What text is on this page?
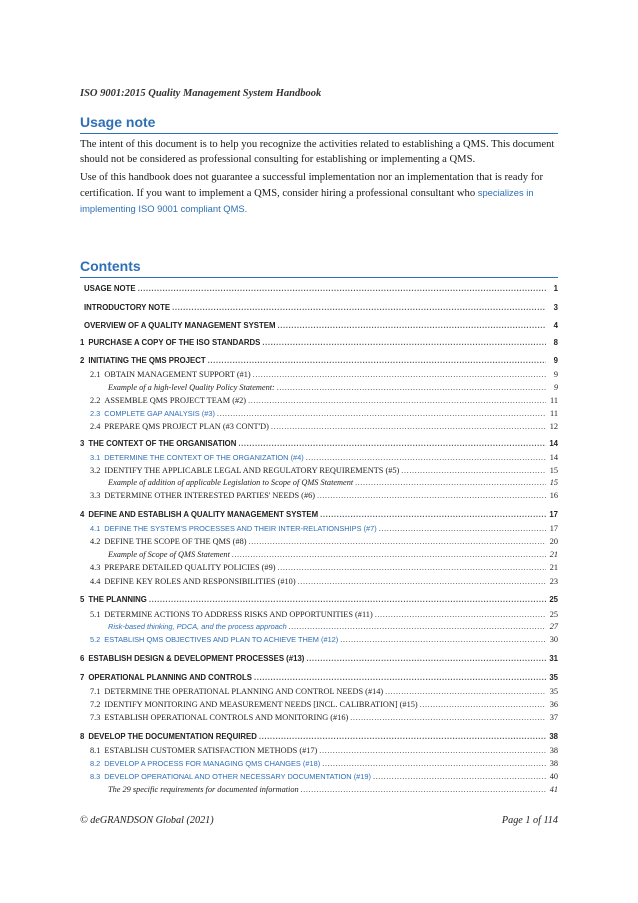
ISO 9001:2015 Quality Management System Handbook
Usage note
The intent of this document is to help you recognize the activities related to establishing a QMS. This document should not be considered as professional consulting for establishing or implementing a QMS.
Use of this handbook does not guarantee a successful implementation nor an implementation that is ready for certification. If you want to implement a QMS, consider hiring a professional consultant who specializes in implementing ISO 9001 compliant QMS.
Contents
USAGE NOTE .....	1
INTRODUCTORY NOTE .....	3
OVERVIEW OF A QUALITY MANAGEMENT SYSTEM .....	4
1 PURCHASE A COPY OF THE ISO STANDARDS .....	8
2 INITIATING THE QMS PROJECT .....	9
2.1 OBTAIN MANAGEMENT SUPPORT (#1) .....	9
Example of a high-level Quality Policy Statement: .....	9
2.2 ASSEMBLE QMS PROJECT TEAM (#2) .....	11
2.3 COMPLETE GAP ANALYSIS (#3) .....	11
2.4 PREPARE QMS PROJECT PLAN (#3 CONT'D) .....	12
3 THE CONTEXT OF THE ORGANISATION .....	14
3.1 DETERMINE THE CONTEXT OF THE ORGANIZATION (#4) .....	14
3.2 IDENTIFY THE APPLICABLE LEGAL AND REGULATORY REQUIREMENTS (#5) .....	15
Example of addition of applicable Legislation to Scope of QMS Statement .....	15
3.3 DETERMINE OTHER INTERESTED PARTIES' NEEDS (#6) .....	16
4 DEFINE AND ESTABLISH A QUALITY MANAGEMENT SYSTEM .....	17
4.1 DEFINE THE SYSTEM'S PROCESSES AND THEIR INTER-RELATIONSHIPS (#7) .....	17
4.2 DEFINE THE SCOPE OF THE QMS (#8) .....	20
Example of Scope of QMS Statement .....	21
4.3 PREPARE DETAILED QUALITY POLICIES (#9) .....	21
4.4 DEFINE KEY ROLES AND RESPONSIBILITIES (#10) .....	23
5 THE PLANNING .....	25
5.1 DETERMINE ACTIONS TO ADDRESS RISKS AND OPPORTUNITIES (#11) .....	25
Risk-based thinking, PDCA, and the process approach .....	27
5.2 ESTABLISH QMS OBJECTIVES AND PLAN TO ACHIEVE THEM (#12) .....	30
6 ESTABLISH DESIGN & DEVELOPMENT PROCESSES (#13) .....	31
7 OPERATIONAL PLANNING AND CONTROLS .....	35
7.1 DETERMINE THE OPERATIONAL PLANNING AND CONTROL NEEDS (#14) .....	35
7.2 IDENTIFY MONITORING AND MEASUREMENT NEEDS [INCL. CALIBRATION] (#15) .....	36
7.3 ESTABLISH OPERATIONAL CONTROLS AND MONITORING (#16) .....	37
8 DEVELOP THE DOCUMENTATION REQUIRED .....	38
8.1 ESTABLISH CUSTOMER SATISFACTION METHODS (#17) .....	38
8.2 DEVELOP A PROCESS FOR MANAGING QMS CHANGES (#18) .....	38
8.3 DEVELOP OPERATIONAL AND OTHER NECESSARY DOCUMENTATION (#19) .....	40
The 29 specific requirements for documented information .....	41
© deGRANDSON Global (2021)	Page 1 of 114
